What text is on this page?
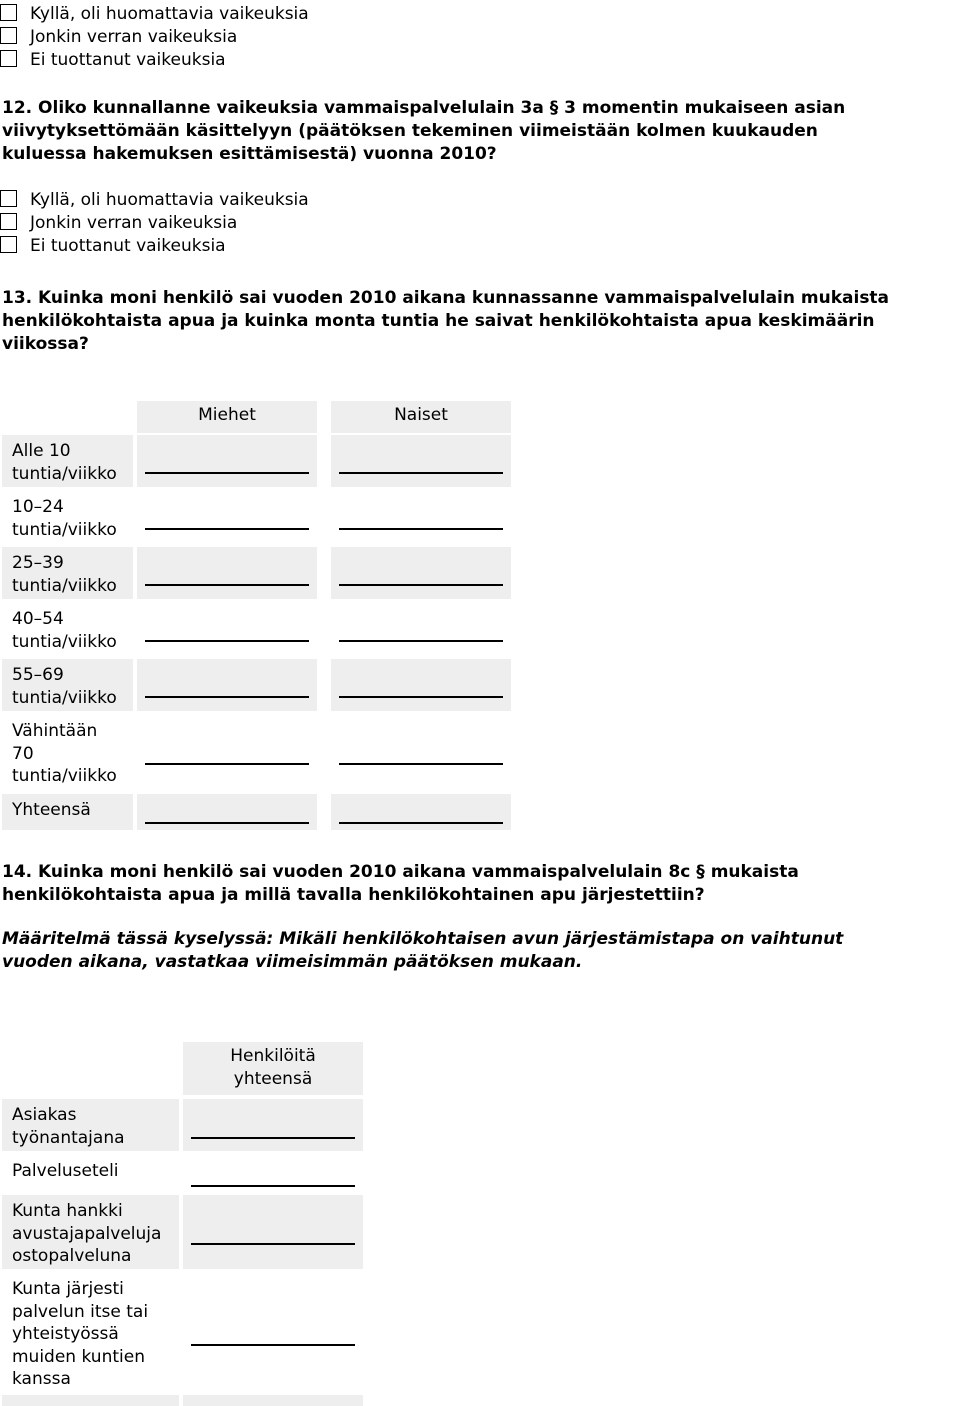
Kyllä, oli huomattavia vaikeuksia
Jonkin verran vaikeuksia
Ei tuottanut vaikeuksia
12. Oliko kunnallanne vaikeuksia vammaispalvelulain 3a § 3 momentin mukaiseen asian
viivytyksettömään käsittelyyn (päätöksen tekeminen viimeistään kolmen kuukauden
kuluessa hakemuksen esittämisestä) vuonna 2010?
Kyllä, oli huomattavia vaikeuksia
Jonkin verran vaikeuksia
Ei tuottanut vaikeuksia
13. Kuinka moni henkilö sai vuoden 2010 aikana kunnassanne vammaispalvelulain mukaista
henkilökohtaista apua ja kuinka monta tuntia he saivat henkilökohtaista apua keskimäärin
viikossa?
Miehet	Naiset
Alle 10
tuntia/viikko
10–24
tuntia/viikko
25–39
tuntia/viikko
40–54
tuntia/viikko
55–69
tuntia/viikko
Vähintään
70
tuntia/viikko
Yhteensä
14. Kuinka moni henkilö sai vuoden 2010 aikana vammaispalvelulain 8c § mukaista
henkilökohtaista apua ja millä tavalla henkilökohtainen apu järjestettiin?
Määritelmä tässä kyselyssä: Mikäli henkilökohtaisen avun järjestämistapa on vaihtunut
vuoden aikana, vastatkaa viimeisimmän päätöksen mukaan.
Henkilöitä
yhteensä
Asiakas
työnantajana
Palveluseteli
Kunta hankki
avustajapalveluja
ostopalveluna
Kunta järjesti
palvelun itse tai
yhteistyössä
muiden kuntien
kanssa
